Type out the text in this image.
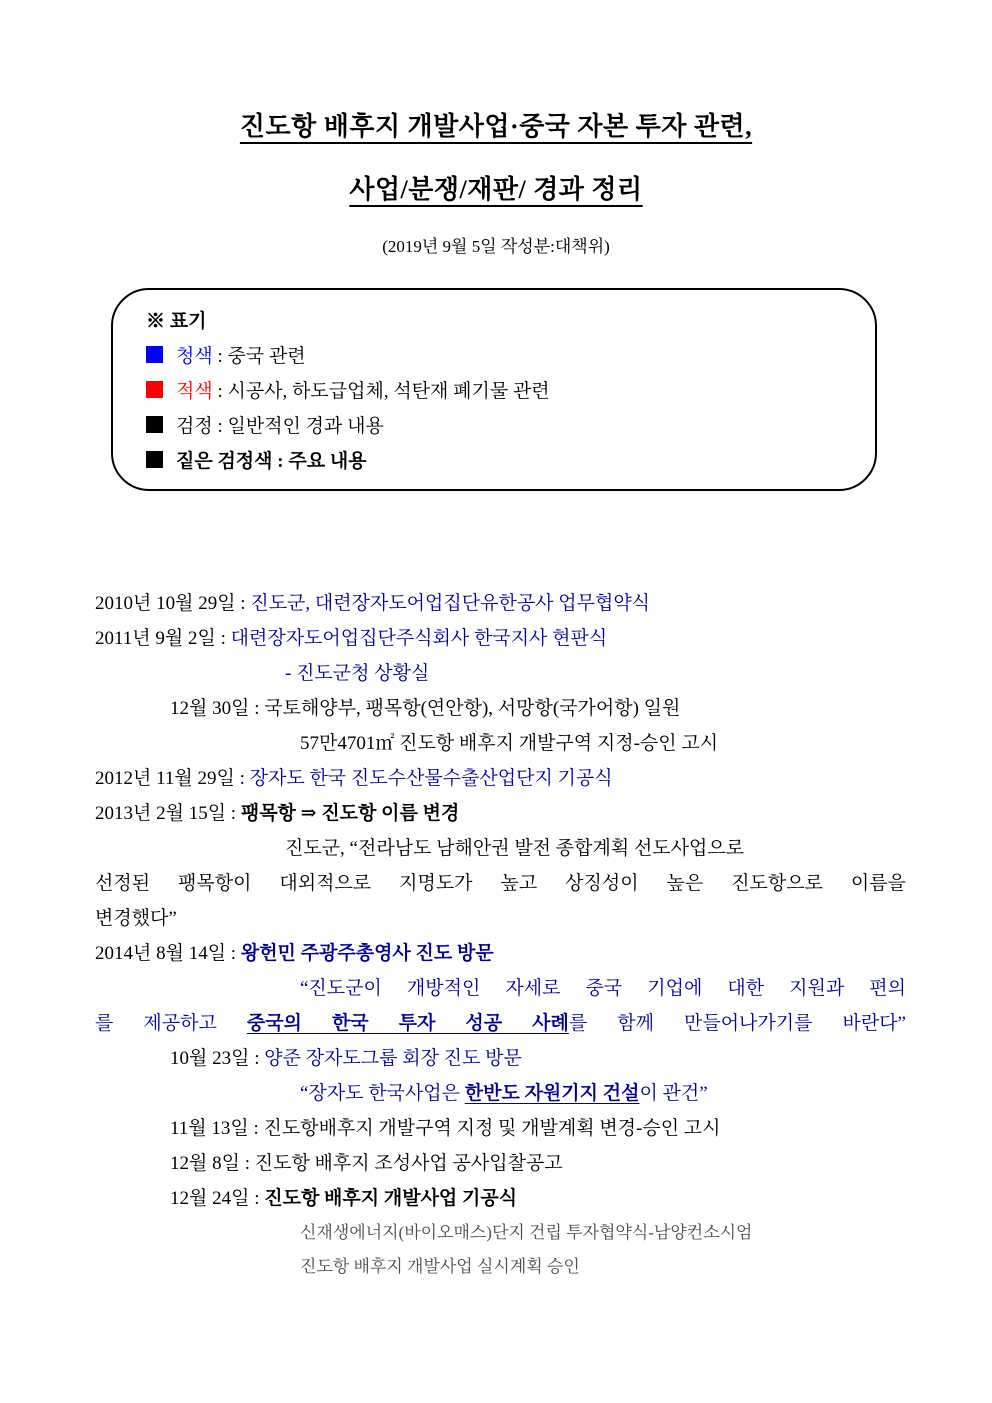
진도항 배후지 개발사업·중국 자본 투자 관련,
사업/분쟁/재판/ 경과 정리
(2019년 9월 5일 작성분:대책위)
※ 표기
청색 : 중국 관련
적색 : 시공사, 하도급업체, 석탄재 폐기물 관련
검정 : 일반적인 경과 내용
짙은 검정색 : 주요 내용
2010년 10월 29일 : 진도군, 대련장자도어업집단유한공사 업무협약식
2011년 9월 2일 : 대련장자도어업집단주식회사 한국지사 현판식
- 진도군청 상황실
12월 30일 : 국토해양부, 팽목항(연안항), 서망항(국가어항) 일원
57만4701㎡ 진도항 배후지 개발구역 지정-승인 고시
2012년 11월 29일 : 장자도 한국 진도수산물수출산업단지 기공식
2013년 2월 15일 : 팽목항 ⇒ 진도항 이름 변경
진도군, “전라남도 남해안권 발전 종합계획 선도사업으로
선정된 팽목항이 대외적으로 지명도가 높고 상징성이 높은 진도항으로 이름을
변경했다”
2014년 8월 14일 : 왕헌민 주광주총영사 진도 방문
“진도군이 개방적인 자세로 중국 기업에 대한 지원과 편의
를 제공하고 중국의 한국 투자 성공 사례를 함께 만들어나가기를 바란다”
10월 23일 : 양준 장자도그룹 회장 진도 방문
“장자도 한국사업은 한반도 자원기지 건설이 관건”
11월 13일 : 진도항배후지 개발구역 지정 및 개발계획 변경-승인 고시
12월 8일 : 진도항 배후지 조성사업 공사입찰공고
12월 24일 : 진도항 배후지 개발사업 기공식
신재생에너지(바이오매스)단지 건립 투자협약식-남양컨소시엄
진도항 배후지 개발사업 실시계획 승인
